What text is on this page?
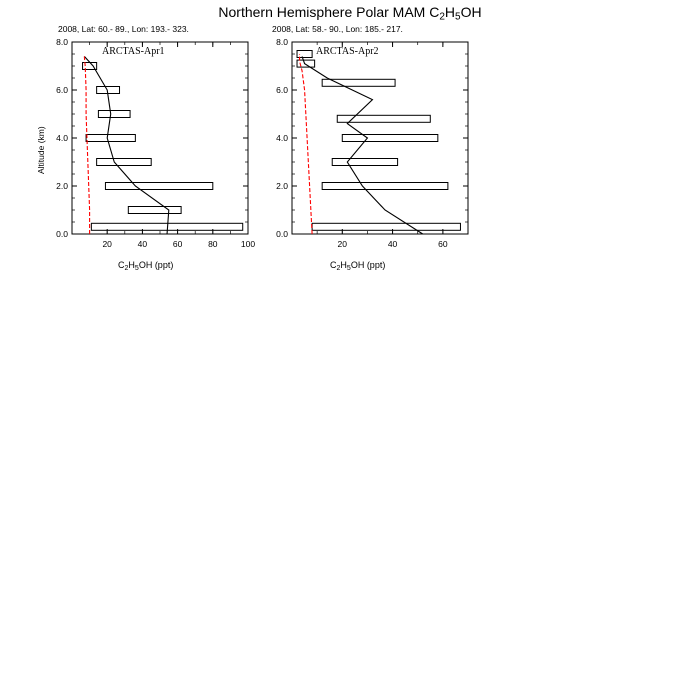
Northern Hemisphere Polar MAM $C_2H_5OH$
2008, Lat: 60.- 89., Lon: 193.- 323.
Altitude (km)
$C_2H_5OH$ (ppt)
ARCTAS-Apr1
0.0
2.0
4.0
6.0
8.0
20	40	60	80	100
2008, Lat: 58.- 90., Lon: 185.- 217.
$C_2H_5OH$ (ppt)
ARCTAS-Apr2
0.0
2.0
4.0
6.0
8.0
20	40	60
